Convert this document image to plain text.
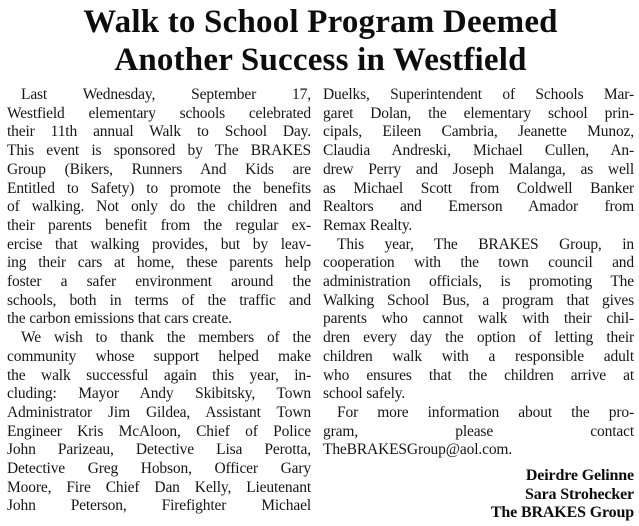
Walk to School Program Deemed
Another Success in Westfield
Last Wednesday, September 17,
Westfield elementary schools celebrated
their 11th annual Walk to School Day.
This event is sponsored by The BRAKES
Group (Bikers, Runners And Kids are
Entitled to Safety) to promote the benefits
of walking. Not only do the children and
their parents benefit from the regular ex-
ercise that walking provides, but by leav-
ing their cars at home, these parents help
foster a safer environment around the
schools, both in terms of the traffic and
the carbon emissions that cars create.
We wish to thank the members of the
community whose support helped make
the walk successful again this year, in-
cluding: Mayor Andy Skibitsky, Town
Administrator Jim Gildea, Assistant Town
Engineer Kris McAloon, Chief of Police
John Parizeau, Detective Lisa Perotta,
Detective Greg Hobson, Officer Gary
Moore, Fire Chief Dan Kelly, Lieutenant
John Peterson, Firefighter Michael
Duelks, Superintendent of Schools Mar-
garet Dolan, the elementary school prin-
cipals, Eileen Cambria, Jeanette Munoz,
Claudia Andreski, Michael Cullen, An-
drew Perry and Joseph Malanga, as well
as Michael Scott from Coldwell Banker
Realtors and Emerson Amador from
Remax Realty.
This year, The BRAKES Group, in
cooperation with the town council and
administration officials, is promoting The
Walking School Bus, a program that gives
parents who cannot walk with their chil-
dren every day the option of letting their
children walk with a responsible adult
who ensures that the children arrive at
school safely.
For more information about the pro-
gram, please contact
TheBRAKESGroup@aol.com.
Deirdre Gelinne
Sara Strohecker
The BRAKES Group
